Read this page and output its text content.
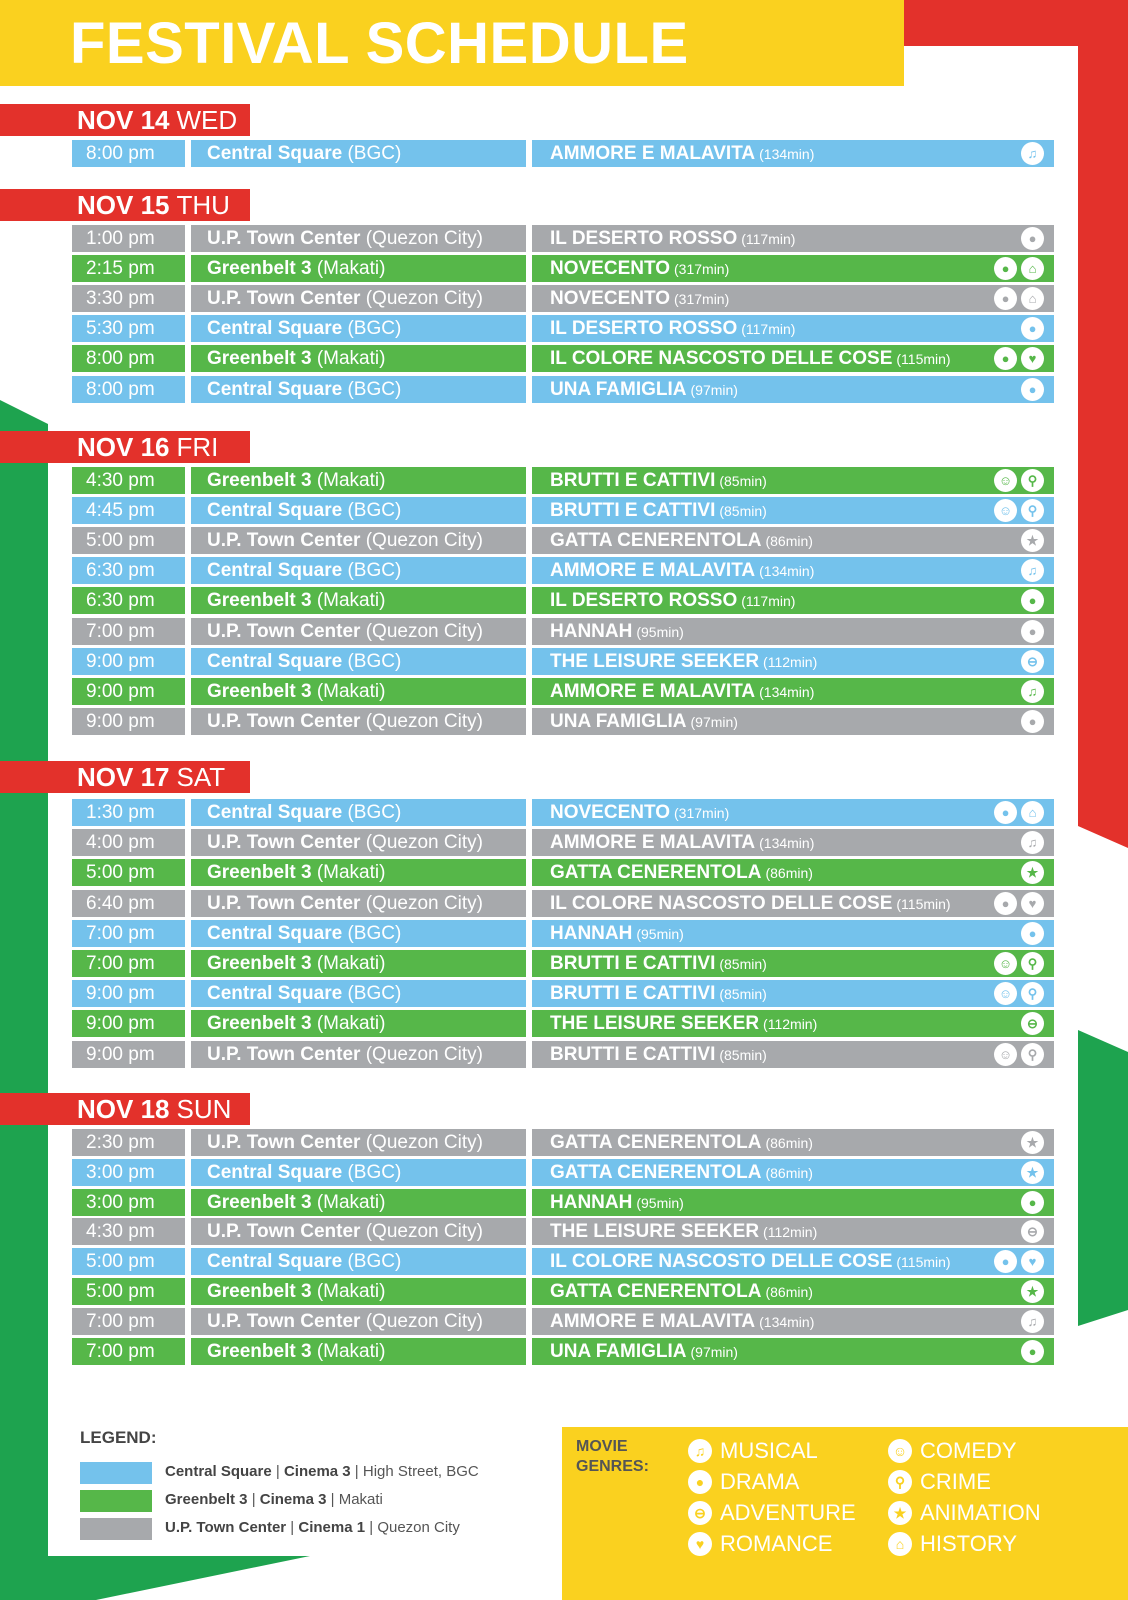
FESTIVAL SCHEDULE
NOV 14 WED
8:00 pm	Central Square (BGC)	AMMORE E MALAVITA (134min)	♫
NOV 15 THU
1:00 pm	U.P. Town Center (Quezon City)	IL DESERTO ROSSO (117min)	●
2:15 pm	Greenbelt 3 (Makati)	NOVECENTO (317min)	●	⌂
3:30 pm	U.P. Town Center (Quezon City)	NOVECENTO (317min)	●	⌂
5:30 pm	Central Square (BGC)	IL DESERTO ROSSO (117min)	●
8:00 pm	Greenbelt 3 (Makati)	IL COLORE NASCOSTO DELLE COSE (115min)	●	♥
8:00 pm	Central Square (BGC)	UNA FAMIGLIA (97min)	●
NOV 16 FRI
4:30 pm	Greenbelt 3 (Makati)	BRUTTI E CATTIVI (85min)	☺	⚲
4:45 pm	Central Square (BGC)	BRUTTI E CATTIVI (85min)	☺	⚲
5:00 pm	U.P. Town Center (Quezon City)	GATTA CENERENTOLA (86min)	★
6:30 pm	Central Square (BGC)	AMMORE E MALAVITA (134min)	♫
6:30 pm	Greenbelt 3 (Makati)	IL DESERTO ROSSO (117min)	●
7:00 pm	U.P. Town Center (Quezon City)	HANNAH (95min)	●
9:00 pm	Central Square (BGC)	THE LEISURE SEEKER (112min)	⊖
9:00 pm	Greenbelt 3 (Makati)	AMMORE E MALAVITA (134min)	♫
9:00 pm	U.P. Town Center (Quezon City)	UNA FAMIGLIA (97min)	●
NOV 17 SAT
1:30 pm	Central Square (BGC)	NOVECENTO (317min)	●	⌂
4:00 pm	U.P. Town Center (Quezon City)	AMMORE E MALAVITA (134min)	♫
5:00 pm	Greenbelt 3 (Makati)	GATTA CENERENTOLA (86min)	★
6:40 pm	U.P. Town Center (Quezon City)	IL COLORE NASCOSTO DELLE COSE (115min)	●	♥
7:00 pm	Central Square (BGC)	HANNAH (95min)	●
7:00 pm	Greenbelt 3 (Makati)	BRUTTI E CATTIVI (85min)	☺	⚲
9:00 pm	Central Square (BGC)	BRUTTI E CATTIVI (85min)	☺	⚲
9:00 pm	Greenbelt 3 (Makati)	THE LEISURE SEEKER (112min)	⊖
9:00 pm	U.P. Town Center (Quezon City)	BRUTTI E CATTIVI (85min)	☺	⚲
NOV 18 SUN
2:30 pm	U.P. Town Center (Quezon City)	GATTA CENERENTOLA (86min)	★
3:00 pm	Central Square (BGC)	GATTA CENERENTOLA (86min)	★
3:00 pm	Greenbelt 3 (Makati)	HANNAH (95min)	●
4:30 pm	U.P. Town Center (Quezon City)	THE LEISURE SEEKER (112min)	⊖
5:00 pm	Central Square (BGC)	IL COLORE NASCOSTO DELLE COSE (115min)	●	♥
5:00 pm	Greenbelt 3 (Makati)	GATTA CENERENTOLA (86min)	★
7:00 pm	U.P. Town Center (Quezon City)	AMMORE E MALAVITA (134min)	♫
7:00 pm	Greenbelt 3 (Makati)	UNA FAMIGLIA (97min)	●
LEGEND:
Central Square | Cinema 3 | High Street, BGC
Greenbelt 3 | Cinema 3 | Makati
U.P. Town Center | Cinema 1 | Quezon City
MOVIE
GENRES:
♫ MUSICAL
● DRAMA
⊖ ADVENTURE
♥ ROMANCE
☺ COMEDY
⚲ CRIME
★ ANIMATION
⌂ HISTORY
